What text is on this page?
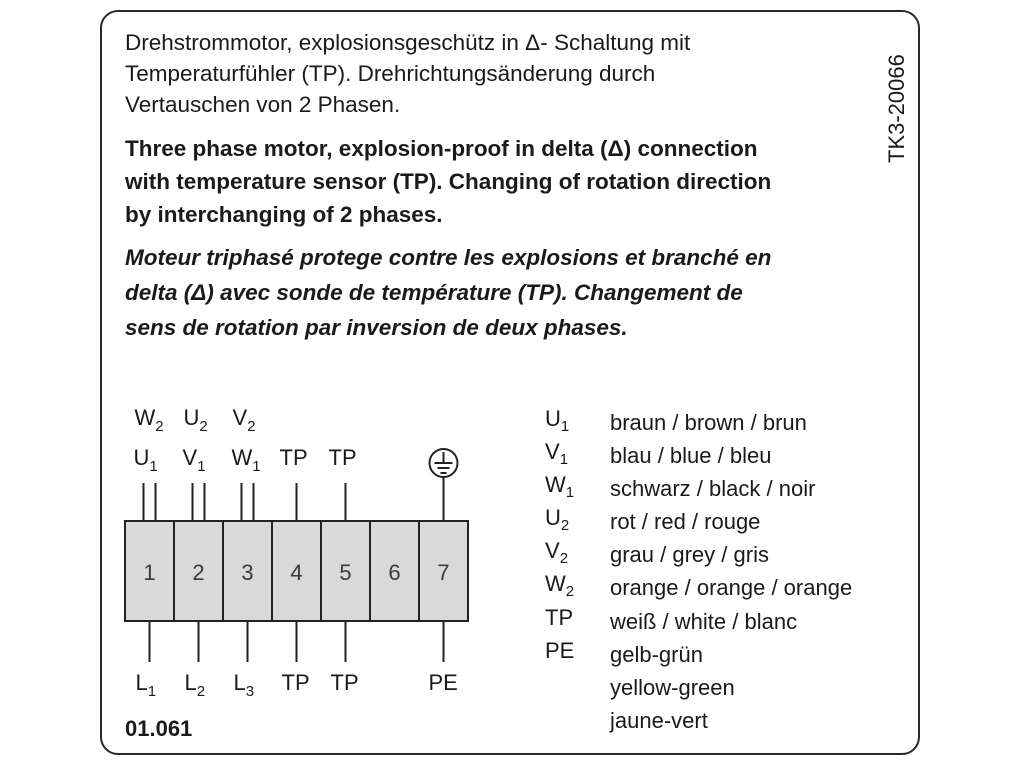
Drehstrommotor, explosionsgeschütz in Δ- Schaltung mit
Temperaturfühler (TP). Drehrichtungsänderung durch
Vertauschen von 2 Phasen.
Three phase motor, explosion-proof in delta (Δ) connection
with temperature sensor (TP). Changing of rotation direction
by interchanging of 2 phases.
Moteur triphasé protege contre les explosions et branché en
delta (Δ) avec sonde de température (TP). Changement de
sens de rotation par inversion de deux phases.
TK3-20066
1 2 3 4 5 6 7
$L_1$ $L_2$ $L_3$ TP TP	PE
$W_2$ $U_2$ $V_2$
$U_1$ $V_1$ $W_1$ TP TP
$U_1$ braun / brown / brun
$V_1$ blau / blue / bleu
$W_1$ schwarz / black / noir
$U_2$ rot / red / rouge
$V_2$ grau / grey / gris
$W_2$ orange / orange / orange
TP weiß / white / blanc
PE gelb-grün
yellow-green
jaune-vert
01.061
